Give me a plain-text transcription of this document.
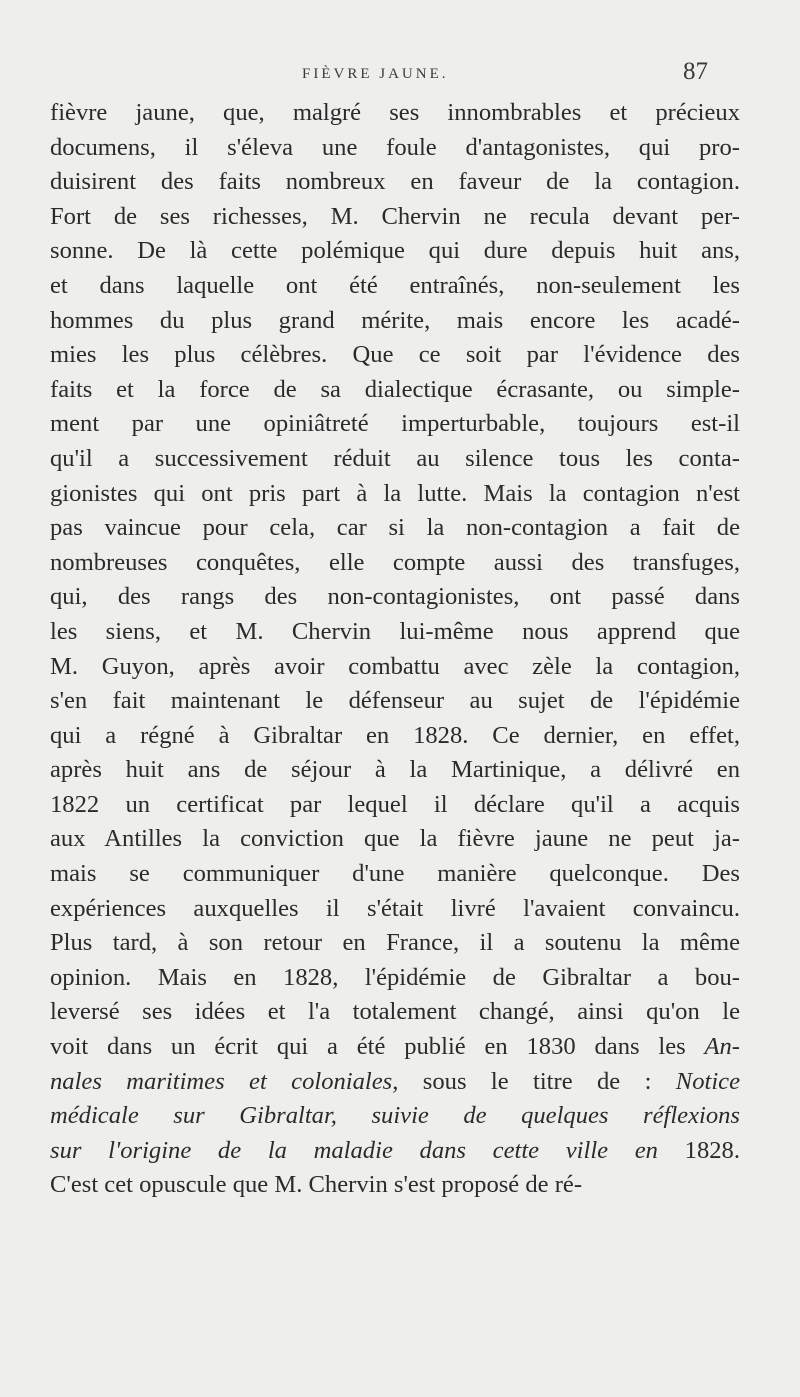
FIÈVRE JAUNE.	87
fièvre jaune, que, malgré ses innombrables et précieux
documens, il s'éleva une foule d'antagonistes, qui pro-
duisirent des faits nombreux en faveur de la contagion.
Fort de ses richesses, M. Chervin ne recula devant per-
sonne. De là cette polémique qui dure depuis huit ans,
et dans laquelle ont été entraînés, non-seulement les
hommes du plus grand mérite, mais encore les acadé-
mies les plus célèbres. Que ce soit par l'évidence des
faits et la force de sa dialectique écrasante, ou simple-
ment par une opiniâtreté imperturbable, toujours est-il
qu'il a successivement réduit au silence tous les conta-
gionistes qui ont pris part à la lutte. Mais la contagion n'est
pas vaincue pour cela, car si la non-contagion a fait de
nombreuses conquêtes, elle compte aussi des transfuges,
qui, des rangs des non-contagionistes, ont passé dans
les siens, et M. Chervin lui-même nous apprend que
M. Guyon, après avoir combattu avec zèle la contagion,
s'en fait maintenant le défenseur au sujet de l'épidémie
qui a régné à Gibraltar en 1828. Ce dernier, en effet,
après huit ans de séjour à la Martinique, a délivré en
1822 un certificat par lequel il déclare qu'il a acquis
aux Antilles la conviction que la fièvre jaune ne peut ja-
mais se communiquer d'une manière quelconque. Des
expériences auxquelles il s'était livré l'avaient convaincu.
Plus tard, à son retour en France, il a soutenu la même
opinion. Mais en 1828, l'épidémie de Gibraltar a bou-
leversé ses idées et l'a totalement changé, ainsi qu'on le
voit dans un écrit qui a été publié en 1830 dans les An-
nales maritimes et coloniales, sous le titre de : Notice
médicale sur Gibraltar, suivie de quelques réflexions
sur l'origine de la maladie dans cette ville en 1828.
C'est cet opuscule que M. Chervin s'est proposé de ré-
